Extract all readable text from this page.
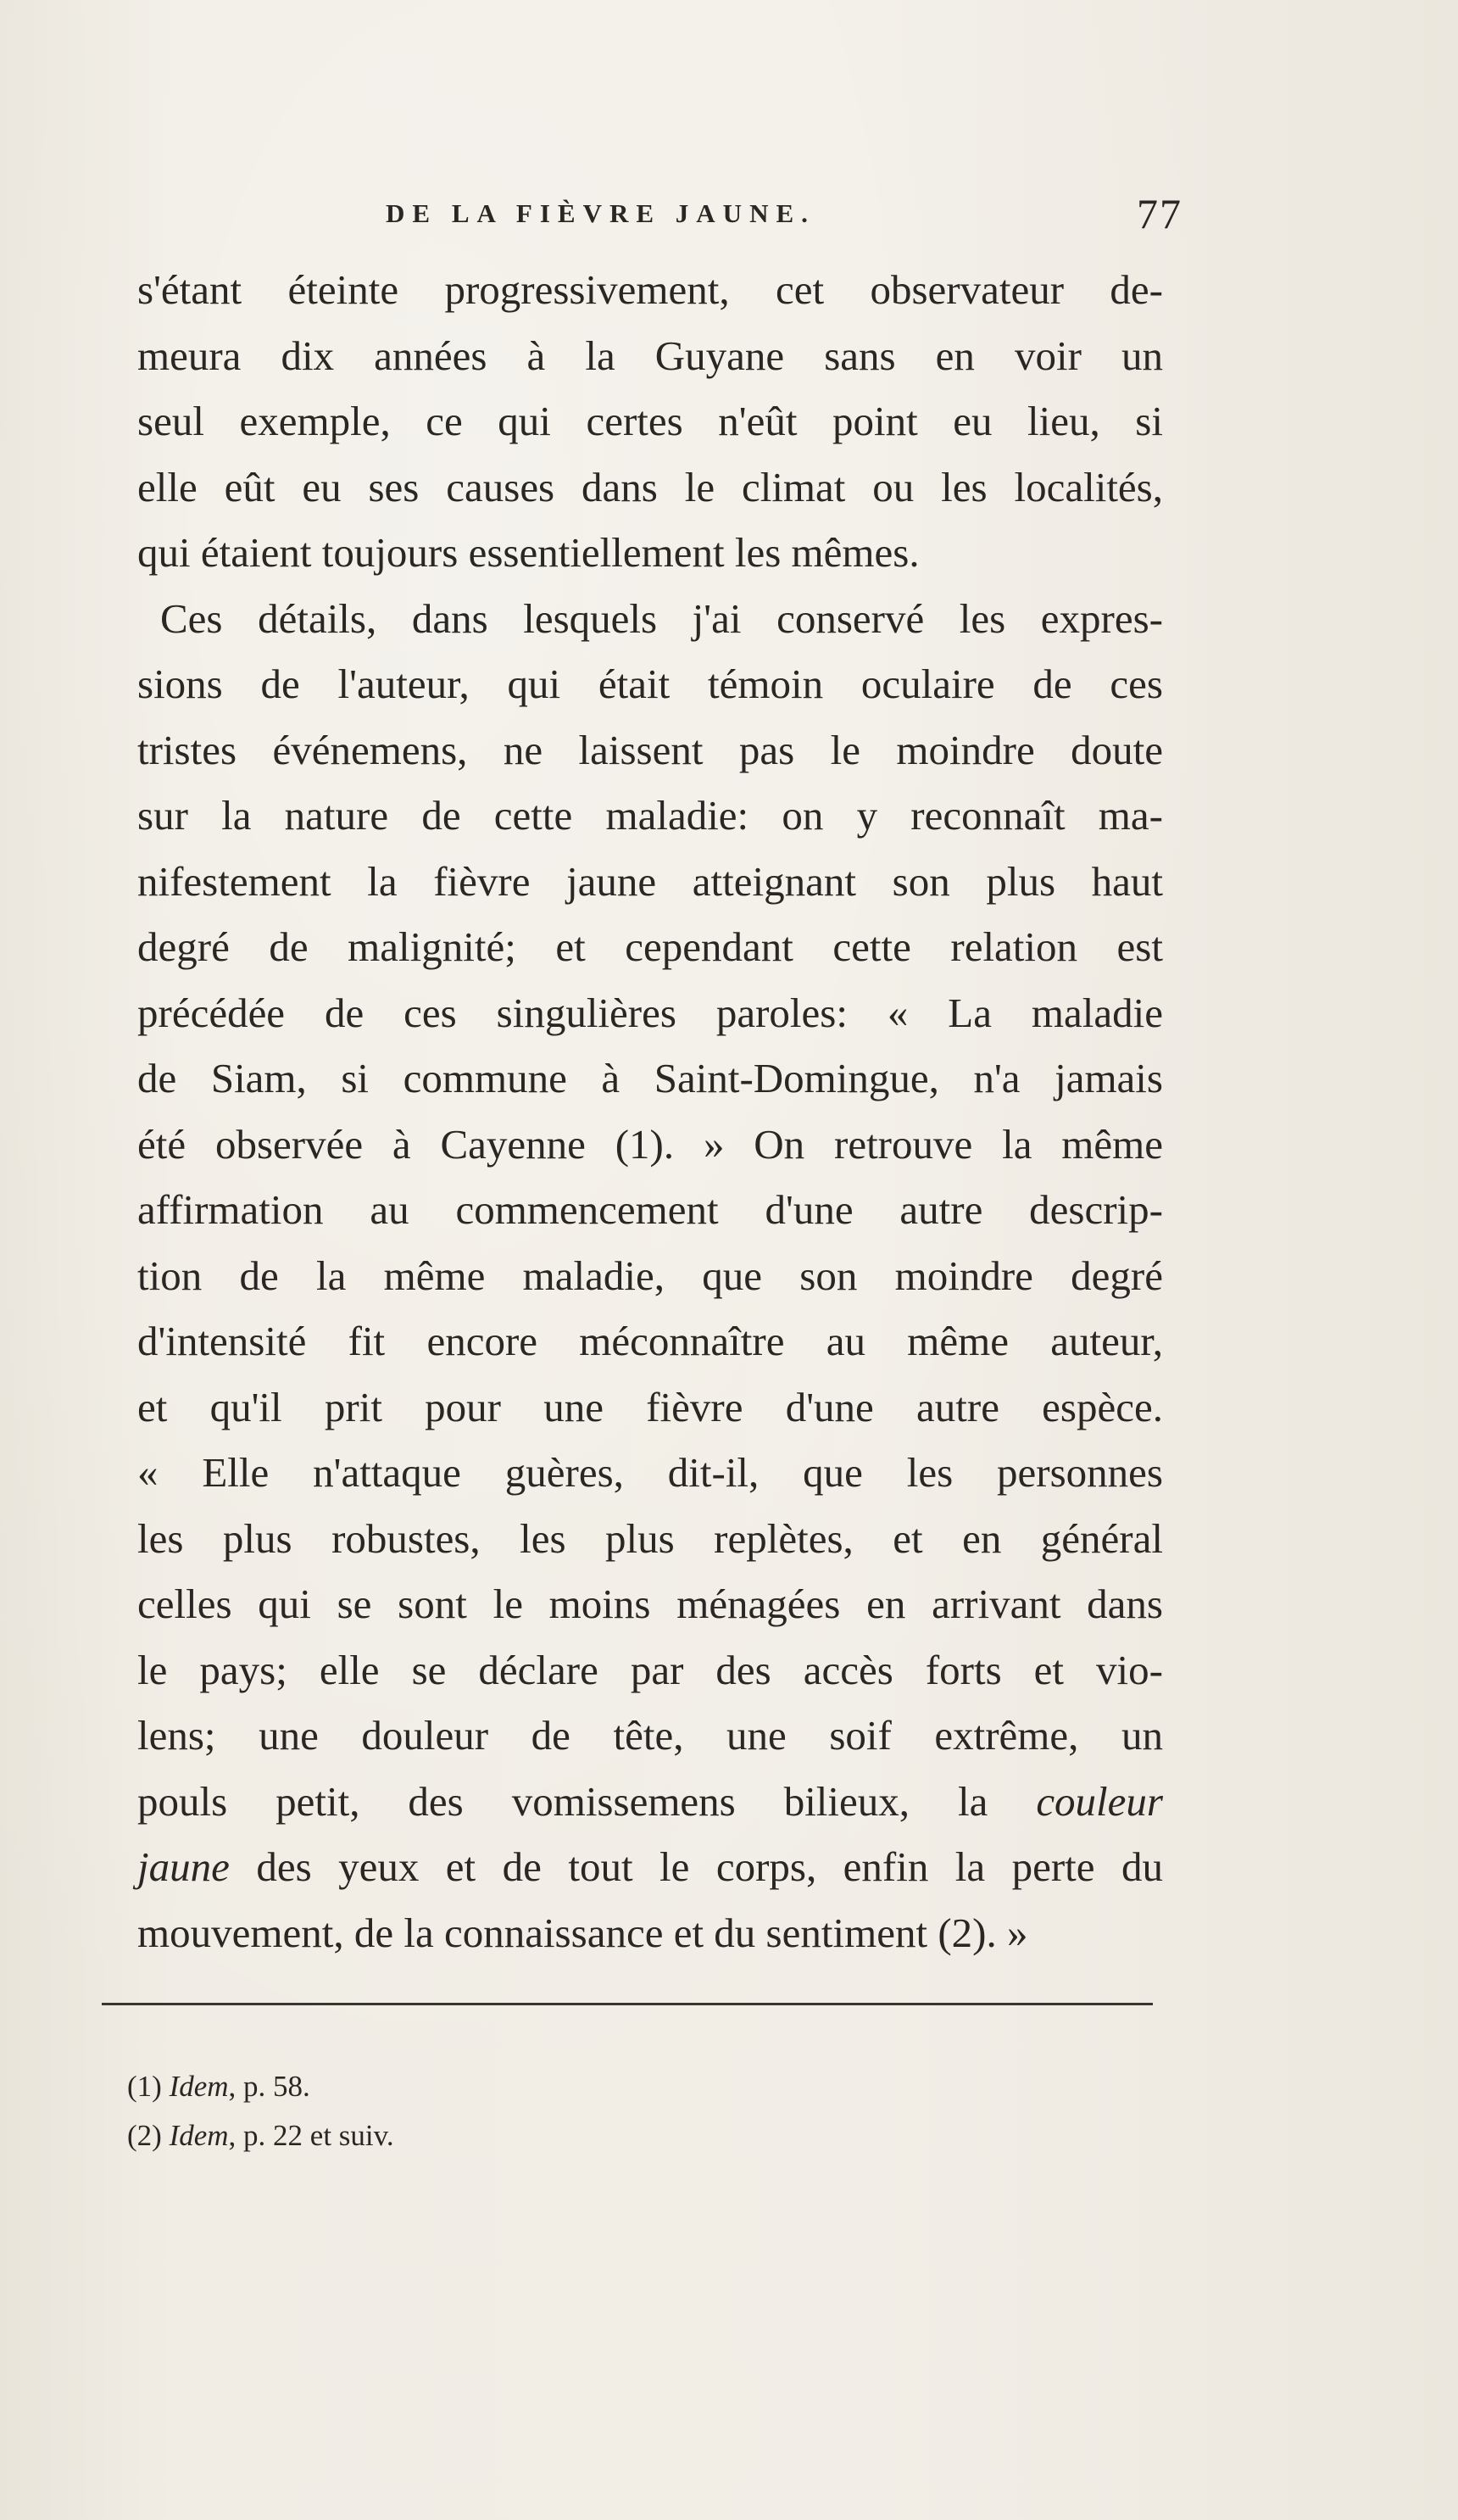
DE LA FIÈVRE JAUNE.	77
s'étant éteinte progressivement, cet observateur de-
meura dix années à la Guyane sans en voir un
seul exemple, ce qui certes n'eût point eu lieu, si
elle eût eu ses causes dans le climat ou les localités,
qui étaient toujours essentiellement les mêmes.
Ces détails, dans lesquels j'ai conservé les expres-
sions de l'auteur, qui était témoin oculaire de ces
tristes événemens, ne laissent pas le moindre doute
sur la nature de cette maladie: on y reconnaît ma-
nifestement la fièvre jaune atteignant son plus haut
degré de malignité; et cependant cette relation est
précédée de ces singulières paroles: « La maladie
de Siam, si commune à Saint-Domingue, n'a jamais
été observée à Cayenne (1). » On retrouve la même
affirmation au commencement d'une autre descrip-
tion de la même maladie, que son moindre degré
d'intensité fit encore méconnaître au même auteur,
et qu'il prit pour une fièvre d'une autre espèce.
« Elle n'attaque guères, dit-il, que les personnes
les plus robustes, les plus replètes, et en général
celles qui se sont le moins ménagées en arrivant dans
le pays; elle se déclare par des accès forts et vio-
lens; une douleur de tête, une soif extrême, un
pouls petit, des vomissemens bilieux, la couleur
jaune des yeux et de tout le corps, enfin la perte du
mouvement, de la connaissance et du sentiment (2). »
(1) Idem, p. 58.
(2) Idem, p. 22 et suiv.
